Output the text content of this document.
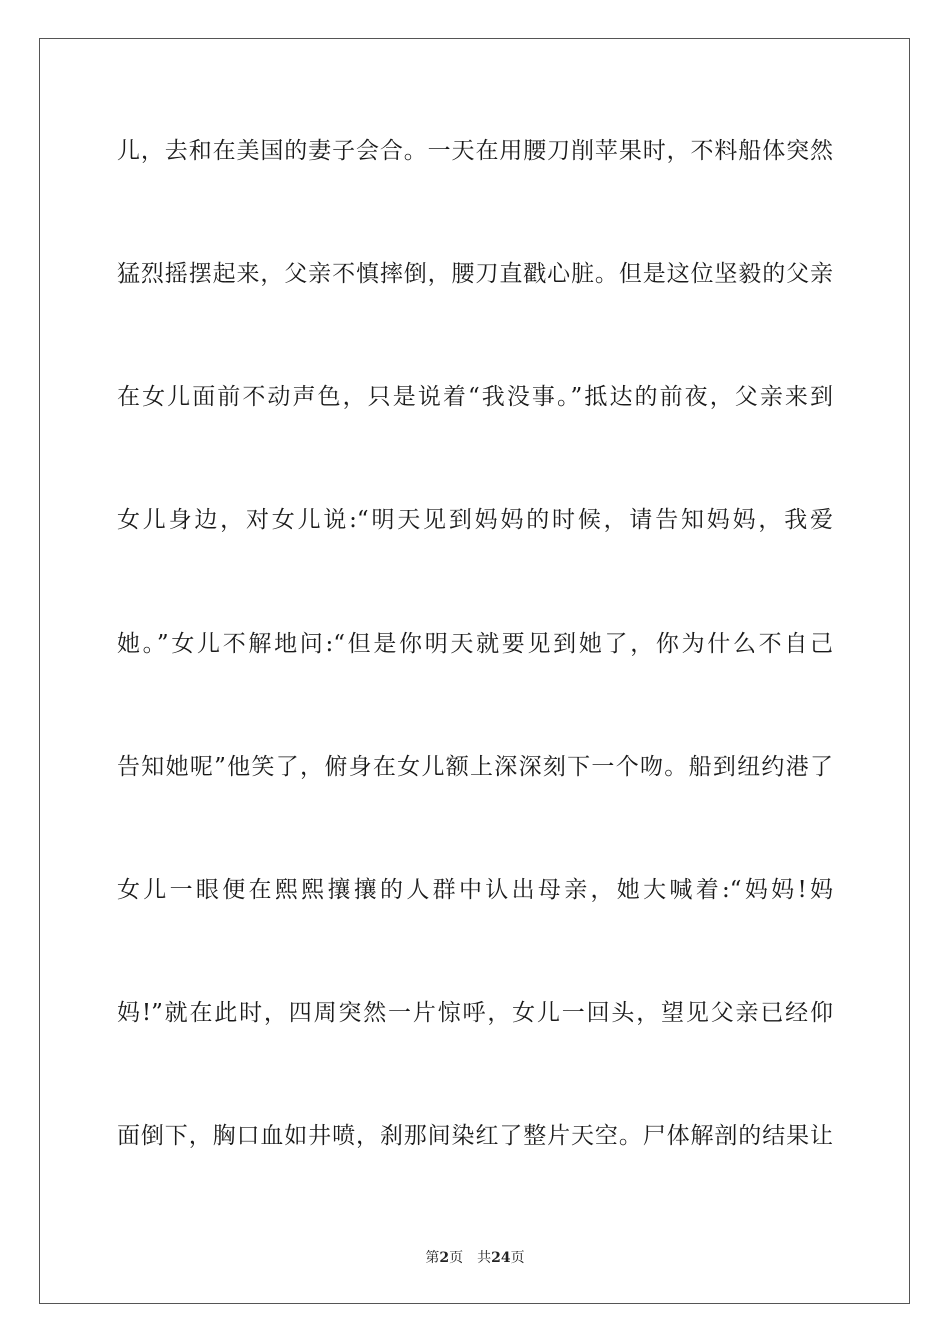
儿，去和在美国的妻子会合。一天在用腰刀削苹果时，不料船体突然
猛烈摇摆起来，父亲不慎摔倒，腰刀直戳心脏。但是这位坚毅的父亲
在女儿面前不动声色，只是说着“我没事。”抵达的前夜，父亲来到
女儿身边，对女儿说:“明天见到妈妈的时候，请告知妈妈，我爱
她。”女儿不解地问:“但是你明天就要见到她了，你为什么不自己
告知她呢”他笑了，俯身在女儿额上深深刻下一个吻。船到纽约港了
女儿一眼便在熙熙攘攘的人群中认出母亲，她大喊着:“妈妈!妈
妈!”就在此时，四周突然一片惊呼，女儿一回头，望见父亲已经仰
面倒下，胸口血如井喷，刹那间染红了整片天空。尸体解剖的结果让
第2页 共24页
